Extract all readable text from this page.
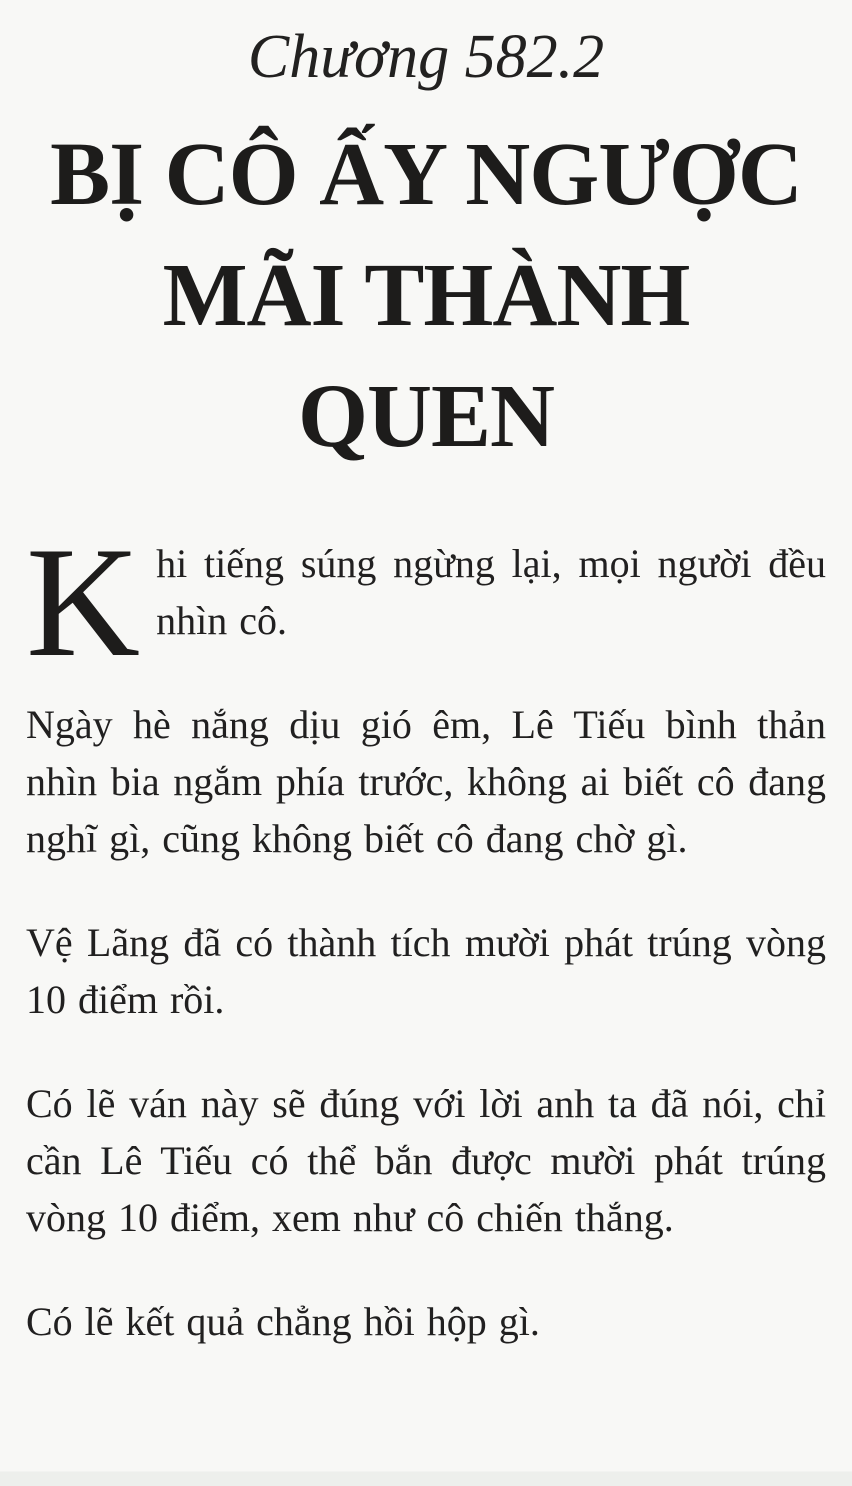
Chương 582.2
BỊ CÔ ẤY NGƯỢC
MÃI THÀNH
QUEN

Khi tiếng súng ngừng lại, mọi người đều nhìn cô.

Ngày hè nắng dịu gió êm, Lê Tiếu bình thản nhìn bia ngắm phía trước, không ai biết cô đang nghĩ gì, cũng không biết cô đang chờ gì.

Vệ Lãng đã có thành tích mười phát trúng vòng 10 điểm rồi.

Có lẽ ván này sẽ đúng với lời anh ta đã nói, chỉ cần Lê Tiếu có thể bắn được mười phát trúng vòng 10 điểm, xem như cô chiến thắng.

Có lẽ kết quả chẳng hồi hộp gì.
